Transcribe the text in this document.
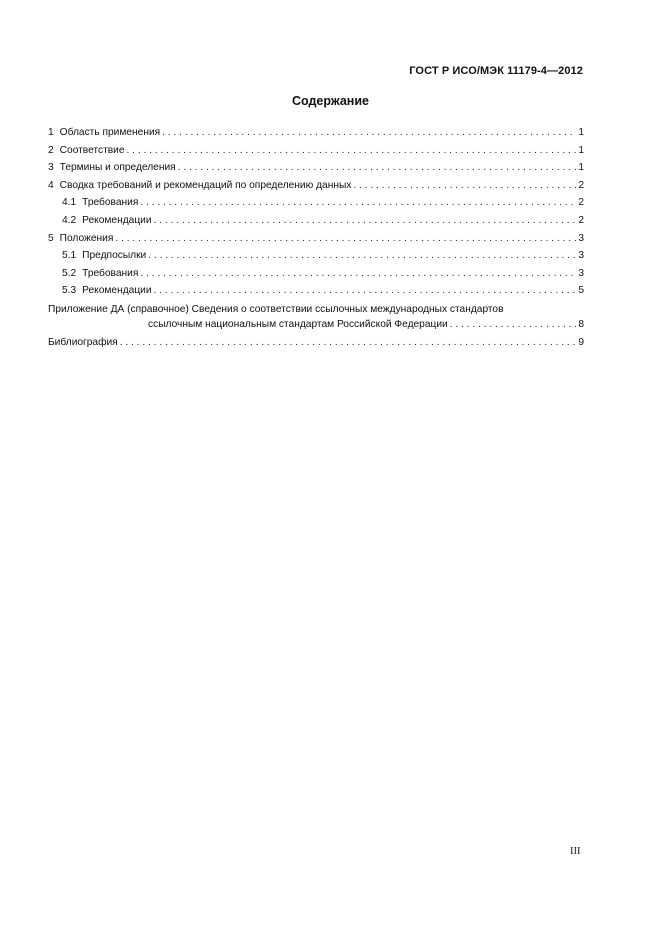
ГОСТ Р ИСО/МЭК 11179-4—2012
Содержание
1 Область применения . . .	1
2 Соответствие . . .	1
3 Термины и определения . . .	1
4 Сводка требований и рекомендаций по определению данных . . .	2
4.1 Требования . . .	2
4.2 Рекомендации . . .	2
5 Положения . . .	3
5.1 Предпосылки . . .	3
5.2 Требования . . .	3
5.3 Рекомендации . . .	5
Приложение ДА (справочное) Сведения о соответствии ссылочных международных стандартов
ссылочным национальным стандартам Российской Федерации . . .	8
Библиография . . .	9
III
